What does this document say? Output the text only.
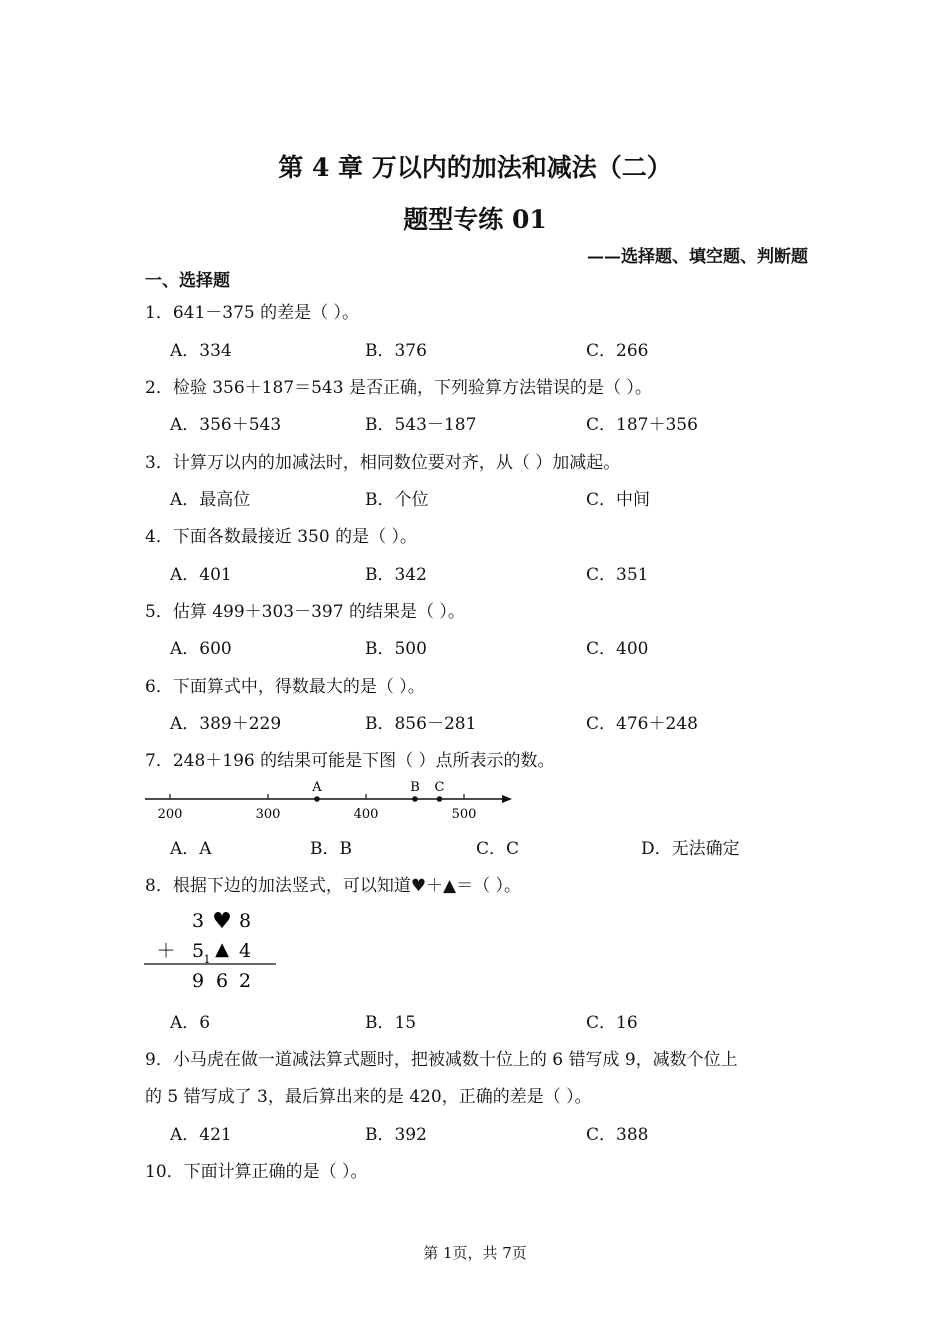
第 4 章 万以内的加法和减法（二）
题型专练 01
——选择题、填空题、判断题
一、选择题
1．641－375 的差是（ ）。
A．334	B．376	C．266
2．检验 356＋187＝543 是否正确，下列验算方法错误的是（ ）。
A．356＋543	B．543－187	C．187＋356
3．计算万以内的加减法时，相同数位要对齐，从（ ）加减起。
A．最高位	B．个位	C．中间
4．下面各数最接近 350 的是（ ）。
A．401	B．342	C．351
5．估算 499＋303－397 的结果是（ ）。
A．600	B．500	C．400
6．下面算式中，得数最大的是（ ）。
A．389＋229	B．856－281	C．476＋248
7．248＋196 的结果可能是下图（ ）点所表示的数。
200	300	400	500
A	B C
A．A	B．B	C．C	D．无法确定
8．根据下边的加法竖式，可以知道♥＋▲＝（ ）。
3 ♥ 8
＋ 5 1 ▲ 4
9 6 2
A．6	B．15	C．16
9．小马虎在做一道减法算式题时，把被减数十位上的 6 错写成 9，减数个位上
的 5 错写成了 3，最后算出来的是 420，正确的差是（ ）。
A．421	B．392	C．388
10．下面计算正确的是（ ）。
第 1页，共 7页
